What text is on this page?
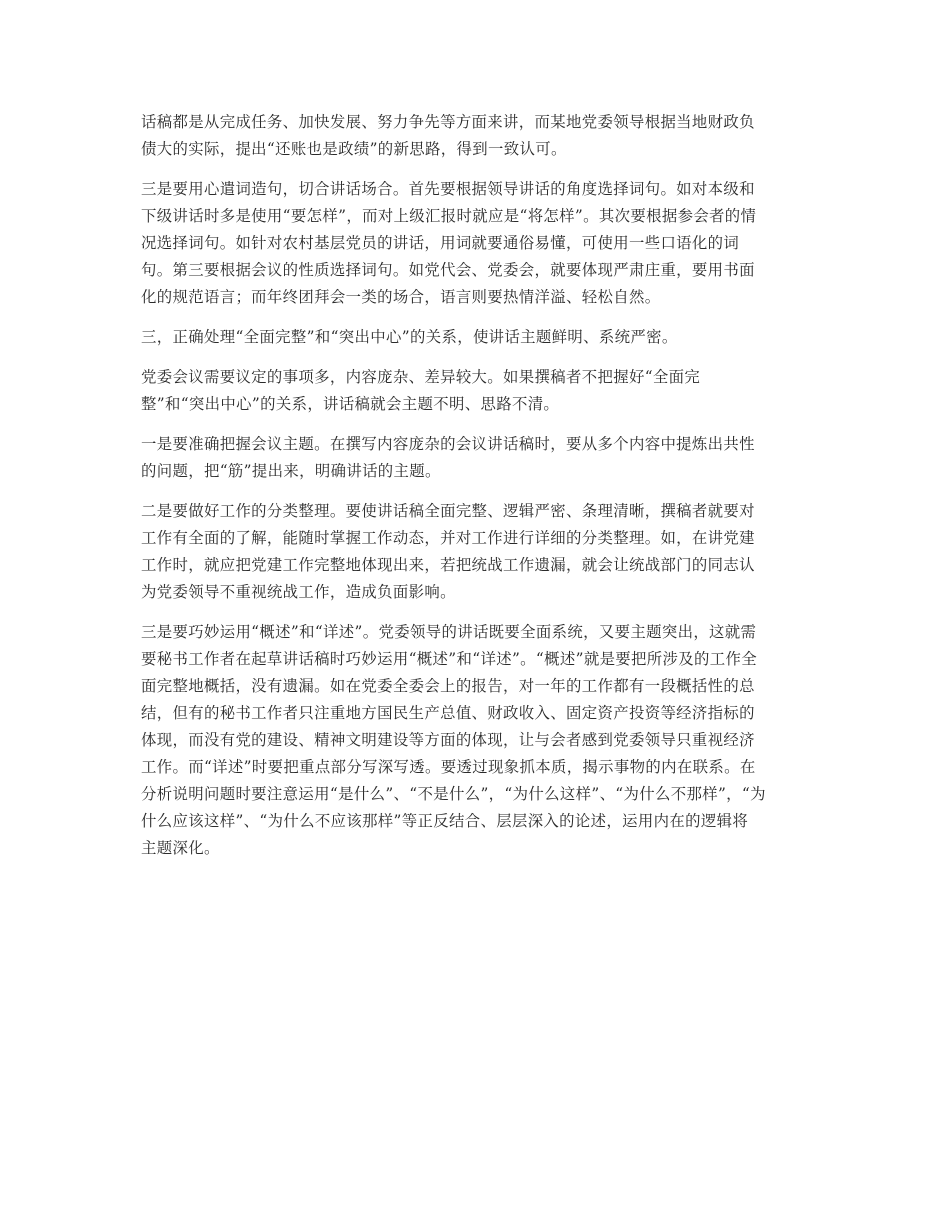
话稿都是从完成任务、加快发展、努力争先等方面来讲，而某地党委领导根据当地财政负
债大的实际，提出“还账也是政绩”的新思路，得到一致认可。

三是要用心遣词造句，切合讲话场合。首先要根据领导讲话的角度选择词句。如对本级和
下级讲话时多是使用“要怎样”，而对上级汇报时就应是“将怎样”。其次要根据参会者的情
况选择词句。如针对农村基层党员的讲话，用词就要通俗易懂，可使用一些口语化的词
句。第三要根据会议的性质选择词句。如党代会、党委会，就要体现严肃庄重，要用书面
化的规范语言；而年终团拜会一类的场合，语言则要热情洋溢、轻松自然。

三，正确处理“全面完整”和“突出中心”的关系，使讲话主题鲜明、系统严密。

党委会议需要议定的事项多，内容庞杂、差异较大。如果撰稿者不把握好“全面完
整”和“突出中心”的关系，讲话稿就会主题不明、思路不清。

一是要准确把握会议主题。在撰写内容庞杂的会议讲话稿时，要从多个内容中提炼出共性
的问题，把“筋”提出来，明确讲话的主题。

二是要做好工作的分类整理。要使讲话稿全面完整、逻辑严密、条理清晰，撰稿者就要对
工作有全面的了解，能随时掌握工作动态，并对工作进行详细的分类整理。如，在讲党建
工作时，就应把党建工作完整地体现出来，若把统战工作遗漏，就会让统战部门的同志认
为党委领导不重视统战工作，造成负面影响。

三是要巧妙运用“概述”和“详述”。党委领导的讲话既要全面系统，又要主题突出，这就需
要秘书工作者在起草讲话稿时巧妙运用“概述”和“详述”。“概述”就是要把所涉及的工作全
面完整地概括，没有遗漏。如在党委全委会上的报告，对一年的工作都有一段概括性的总
结，但有的秘书工作者只注重地方国民生产总值、财政收入、固定资产投资等经济指标的
体现，而没有党的建设、精神文明建设等方面的体现，让与会者感到党委领导只重视经济
工作。而“详述”时要把重点部分写深写透。要透过现象抓本质，揭示事物的内在联系。在
分析说明问题时要注意运用“是什么”、“不是什么”，“为什么这样”、“为什么不那样”，“为
什么应该这样”、“为什么不应该那样”等正反结合、层层深入的论述，运用内在的逻辑将
主题深化。
